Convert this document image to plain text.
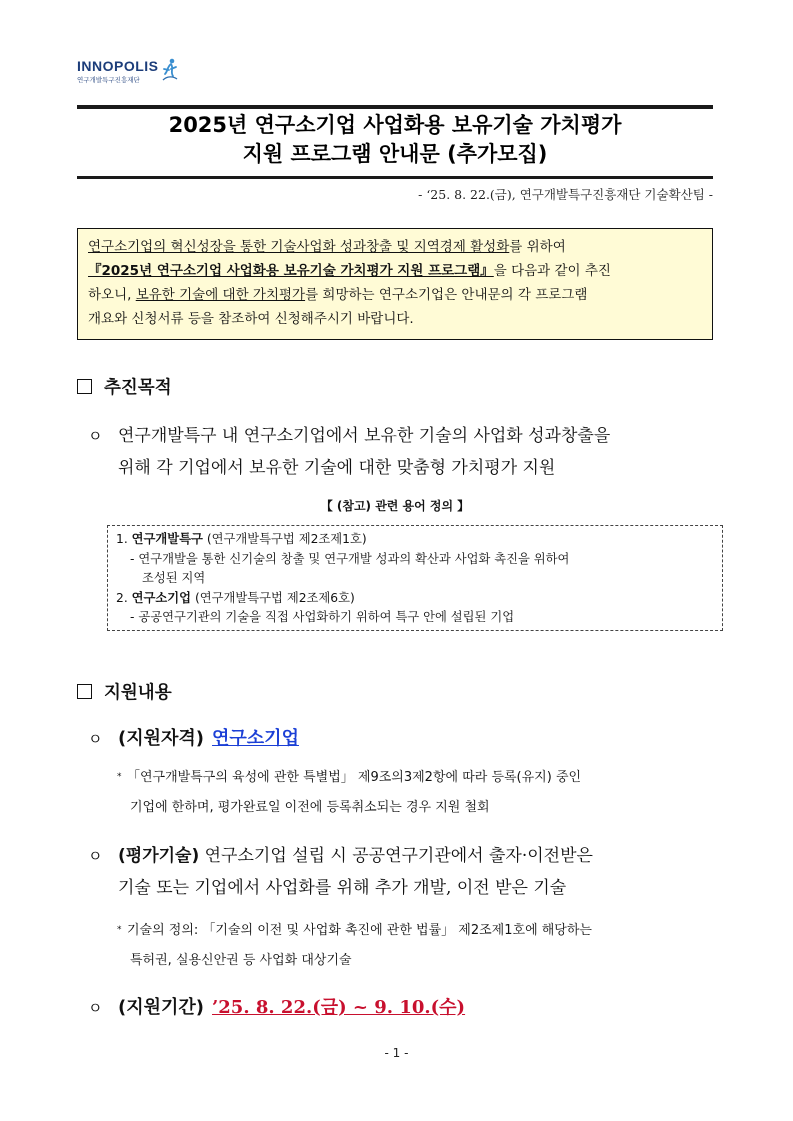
INNOPOLIS
연구개발특구진흥재단
2025년 연구소기업 사업화용 보유기술 가치평가
지원 프로그램 안내문 (추가모집)
- ‘25. 8. 22.(금), 연구개발특구진흥재단 기술확산팀 -
연구소기업의 혁신성장을 통한 기술사업화 성과창출 및 지역경제 활성화를 위하여
『2025년 연구소기업 사업화용 보유기술 가치평가 지원 프로그램』을 다음과 같이 추진
하오니, 보유한 기술에 대한 가치평가를 희망하는 연구소기업은 안내문의 각 프로그램
개요와 신청서류 등을 참조하여 신청해주시기 바랍니다.
추진목적
ㅇ 연구개발특구 내 연구소기업에서 보유한 기술의 사업화 성과창출을
위해 각 기업에서 보유한 기술에 대한 맞춤형 가치평가 지원
【 (참고) 관련 용어 정의 】
1. 연구개발특구 (연구개발특구법 제2조제1호)
- 연구개발을 통한 신기술의 창출 및 연구개발 성과의 확산과 사업화 촉진을 위하여
조성된 지역
2. 연구소기업 (연구개발특구법 제2조제6호)
- 공공연구기관의 기술을 직접 사업화하기 위하여 특구 안에 설립된 기업
지원내용
ㅇ (지원자격) 연구소기업
* 「연구개발특구의 육성에 관한 특별법」 제9조의3제2항에 따라 등록(유지) 중인
기업에 한하며, 평가완료일 이전에 등록취소되는 경우 지원 철회
ㅇ (평가기술) 연구소기업 설립 시 공공연구기관에서 출자·이전받은
기술 또는 기업에서 사업화를 위해 추가 개발, 이전 받은 기술
* 기술의 정의: 「기술의 이전 및 사업화 촉진에 관한 법률」 제2조제1호에 해당하는
특허권, 실용신안권 등 사업화 대상기술
ㅇ (지원기간) ’25. 8. 22.(금) ~ 9. 10.(수)
- 1 -
